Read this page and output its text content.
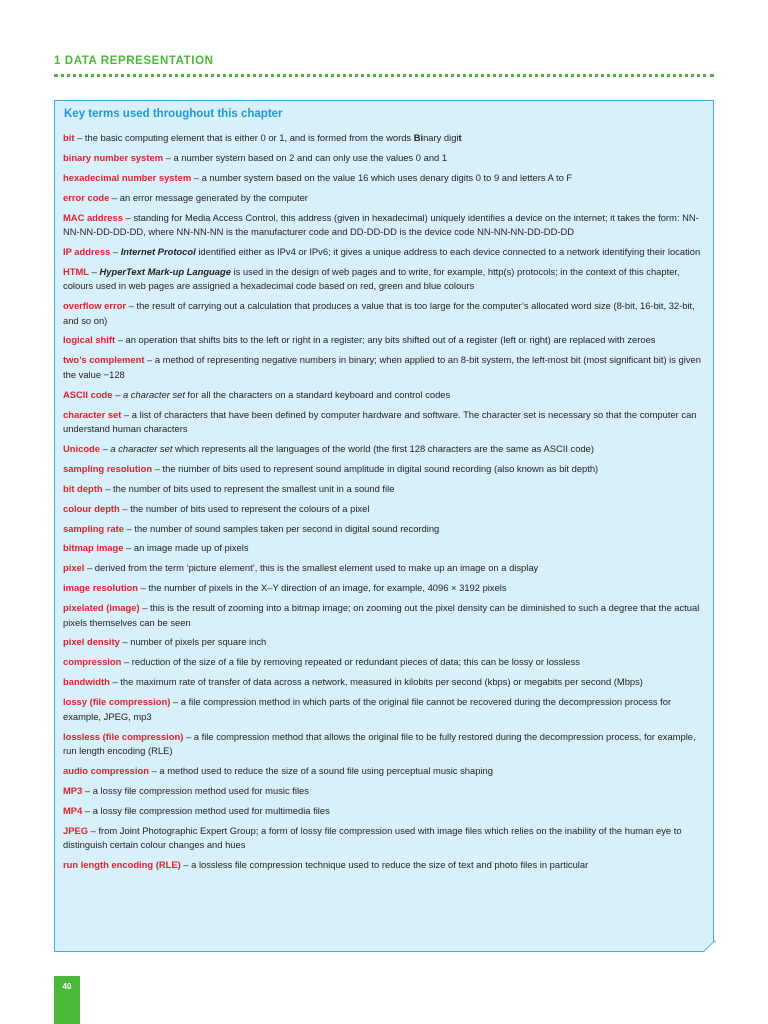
1 DATA REPRESENTATION
Key terms used throughout this chapter
bit – the basic computing element that is either 0 or 1, and is formed from the words Binary digit
binary number system – a number system based on 2 and can only use the values 0 and 1
hexadecimal number system – a number system based on the value 16 which uses denary digits 0 to 9 and letters A to F
error code – an error message generated by the computer
MAC address – standing for Media Access Control, this address (given in hexadecimal) uniquely identifies a device on the internet; it takes the form: NN-NN-NN-DD-DD-DD, where NN-NN-NN is the manufacturer code and DD-DD-DD is the device code NN-NN-NN-DD-DD-DD
IP address – Internet Protocol identified either as IPv4 or IPv6; it gives a unique address to each device connected to a network identifying their location
HTML – HyperText Mark-up Language is used in the design of web pages and to write, for example, http(s) protocols; in the context of this chapter, colours used in web pages are assigned a hexadecimal code based on red, green and blue colours
overflow error – the result of carrying out a calculation that produces a value that is too large for the computer’s allocated word size (8-bit, 16-bit, 32-bit, and so on)
logical shift – an operation that shifts bits to the left or right in a register; any bits shifted out of a register (left or right) are replaced with zeroes
two’s complement – a method of representing negative numbers in binary; when applied to an 8-bit system, the left-most bit (most significant bit) is given the value −128
ASCII code – a character set for all the characters on a standard keyboard and control codes
character set – a list of characters that have been defined by computer hardware and software. The character set is necessary so that the computer can understand human characters
Unicode – a character set which represents all the languages of the world (the first 128 characters are the same as ASCII code)
sampling resolution – the number of bits used to represent sound amplitude in digital sound recording (also known as bit depth)
bit depth – the number of bits used to represent the smallest unit in a sound file
colour depth – the number of bits used to represent the colours of a pixel
sampling rate – the number of sound samples taken per second in digital sound recording
bitmap image – an image made up of pixels
pixel – derived from the term ‘picture element’, this is the smallest element used to make up an image on a display
image resolution – the number of pixels in the X–Y direction of an image, for example, 4096 × 3192 pixels
pixelated (image) – this is the result of zooming into a bitmap image; on zooming out the pixel density can be diminished to such a degree that the actual pixels themselves can be seen
pixel density – number of pixels per square inch
compression – reduction of the size of a file by removing repeated or redundant pieces of data; this can be lossy or lossless
bandwidth – the maximum rate of transfer of data across a network, measured in kilobits per second (kbps) or megabits per second (Mbps)
lossy (file compression) – a file compression method in which parts of the original file cannot be recovered during the decompression process for example, JPEG, mp3
lossless (file compression) – a file compression method that allows the original file to be fully restored during the decompression process, for example, run length encoding (RLE)
audio compression – a method used to reduce the size of a sound file using perceptual music shaping
MP3 – a lossy file compression method used for music files
MP4 – a lossy file compression method used for multimedia files
JPEG – from Joint Photographic Expert Group; a form of lossy file compression used with image files which relies on the inability of the human eye to distinguish certain colour changes and hues
run length encoding (RLE) – a lossless file compression technique used to reduce the size of text and photo files in particular
40
